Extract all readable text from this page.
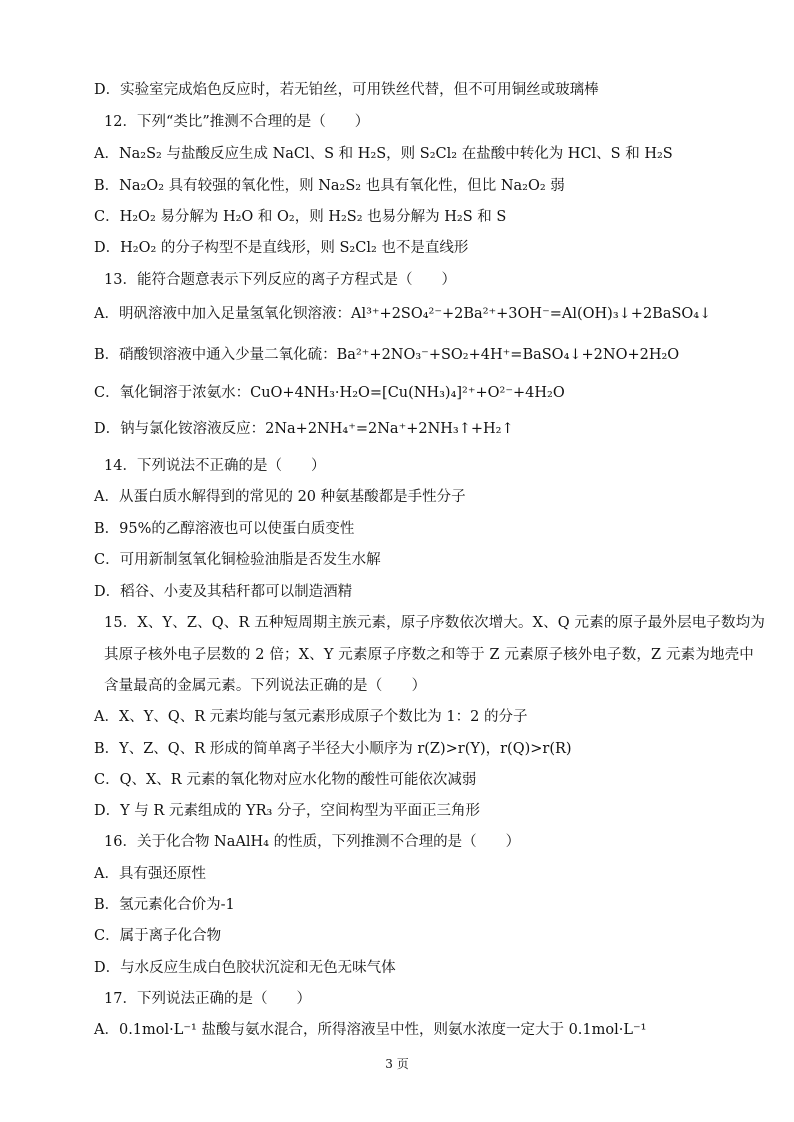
D．实验室完成焰色反应时，若无铂丝，可用铁丝代替，但不可用铜丝或玻璃棒
12．下列“类比”推测不合理的是（　　）
A．Na₂S₂ 与盐酸反应生成 NaCl、S 和 H₂S，则 S₂Cl₂ 在盐酸中转化为 HCl、S 和 H₂S
B．Na₂O₂ 具有较强的氧化性，则 Na₂S₂ 也具有氧化性，但比 Na₂O₂ 弱
C．H₂O₂ 易分解为 H₂O 和 O₂，则 H₂S₂ 也易分解为 H₂S 和 S
D．H₂O₂ 的分子构型不是直线形，则 S₂Cl₂ 也不是直线形
13．能符合题意表示下列反应的离子方程式是（　　）
A．明矾溶液中加入足量氢氧化钡溶液：Al³⁺+2SO₄²⁻+2Ba²⁺+3OH⁻=Al(OH)₃↓+2BaSO₄↓
B．硝酸钡溶液中通入少量二氧化硫：Ba²⁺+2NO₃⁻+SO₂+4H⁺=BaSO₄↓+2NO+2H₂O
C．氧化铜溶于浓氨水：CuO+4NH₃·H₂O=[Cu(NH₃)₄]²⁺+O²⁻+4H₂O
D．钠与氯化铵溶液反应：2Na+2NH₄⁺=2Na⁺+2NH₃↑+H₂↑
14．下列说法不正确的是（　　）
A．从蛋白质水解得到的常见的 20 种氨基酸都是手性分子
B．95%的乙醇溶液也可以使蛋白质变性
C．可用新制氢氧化铜检验油脂是否发生水解
D．稻谷、小麦及其秸秆都可以制造酒精
15．X、Y、Z、Q、R 五种短周期主族元素，原子序数依次增大。X、Q 元素的原子最外层电子数均为
其原子核外电子层数的 2 倍；X、Y 元素原子序数之和等于 Z 元素原子核外电子数，Z 元素为地壳中
含量最高的金属元素。下列说法正确的是（　　）
A．X、Y、Q、R 元素均能与氢元素形成原子个数比为 1：2 的分子
B．Y、Z、Q、R 形成的简单离子半径大小顺序为 r(Z)>r(Y)，r(Q)>r(R)
C．Q、X、R 元素的氧化物对应水化物的酸性可能依次减弱
D．Y 与 R 元素组成的 YR₃ 分子，空间构型为平面正三角形
16．关于化合物 NaAlH₄ 的性质，下列推测不合理的是（　　）
A．具有强还原性
B．氢元素化合价为-1
C．属于离子化合物
D．与水反应生成白色胶状沉淀和无色无味气体
17．下列说法正确的是（　　）
A．0.1mol·L⁻¹ 盐酸与氨水混合，所得溶液呈中性，则氨水浓度一定大于 0.1mol·L⁻¹
3 页
